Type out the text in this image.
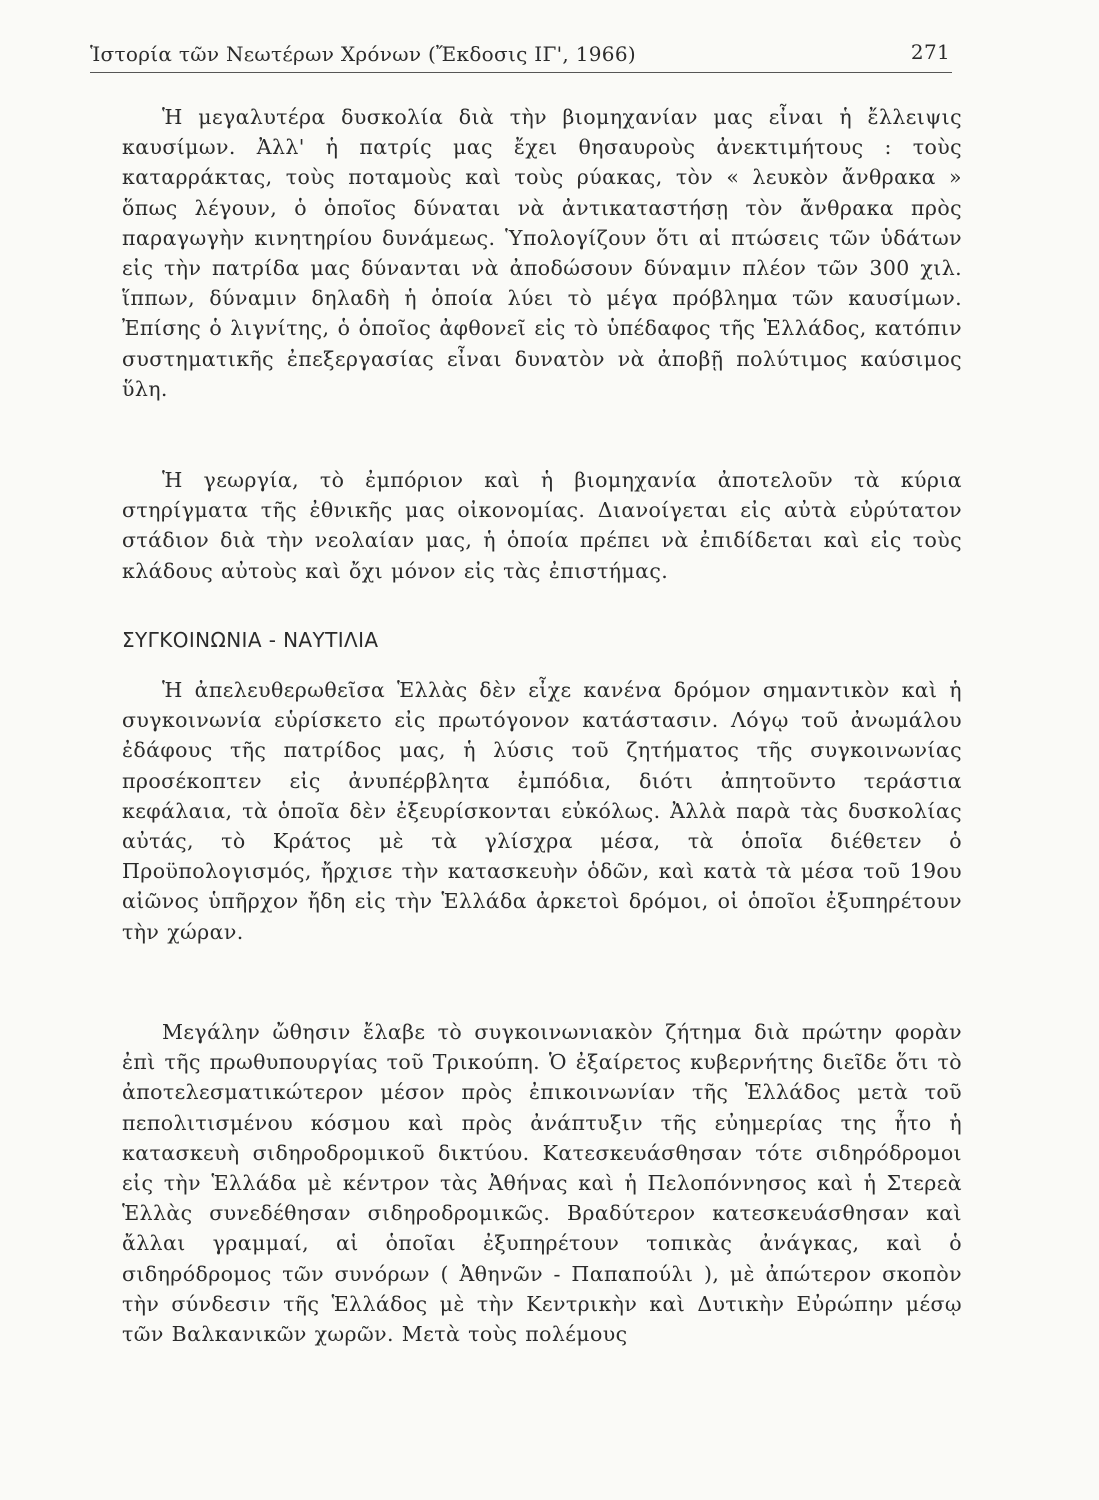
Ἱστορία τῶν Νεωτέρων Χρόνων (Ἔκδοσις ΙΓ', 1966)	271

Ἡ μεγαλυτέρα δυσκολία διὰ τὴν βιομηχανίαν μας εἶναι ἡ ἔλλειψις καυσίμων. Ἀλλ' ἡ πατρίς μας ἔχει θησαυροὺς ἀνεκτιμήτους : τοὺς καταρράκτας, τοὺς ποταμοὺς καὶ τοὺς ρύακας, τὸν « λευκὸν ἄνθρακα » ὅπως λέγουν, ὁ ὁποῖος δύναται νὰ ἀντικαταστήσῃ τὸν ἄνθρακα πρὸς παραγωγὴν κινητηρίου δυνάμεως. Ὑπολογίζουν ὅτι αἱ πτώσεις τῶν ὑδάτων εἰς τὴν πατρίδα μας δύνανται νὰ ἀποδώσουν δύναμιν πλέον τῶν 300 χιλ. ἵππων, δύναμιν δηλαδὴ ἡ ὁποία λύει τὸ μέγα πρόβλημα τῶν καυσίμων. Ἐπίσης ὁ λιγνίτης, ὁ ὁποῖος ἀφθονεῖ εἰς τὸ ὑπέδαφος τῆς Ἑλλάδος, κατόπιν συστηματικῆς ἐπεξεργασίας εἶναι δυνατὸν νὰ ἀποβῇ πολύτιμος καύσιμος ὕλη.

Ἡ γεωργία, τὸ ἐμπόριον καὶ ἡ βιομηχανία ἀποτελοῦν τὰ κύρια στηρίγματα τῆς ἐθνικῆς μας οἰκονομίας. Διανοίγεται εἰς αὐτὰ εὐρύτατον στάδιον διὰ τὴν νεολαίαν μας, ἡ ὁποία πρέπει νὰ ἐπιδίδεται καὶ εἰς τοὺς κλάδους αὐτοὺς καὶ ὄχι μόνον εἰς τὰς ἐπιστήμας.

ΣΥΓΚΟΙΝΩΝΙΑ - ΝΑΥΤΙΛΙΑ

Ἡ ἀπελευθερωθεῖσα Ἑλλὰς δὲν εἶχε κανένα δρόμον σημαντικὸν καὶ ἡ συγκοινωνία εὑρίσκετο εἰς πρωτόγονον κατάστασιν. Λόγῳ τοῦ ἀνωμάλου ἐδάφους τῆς πατρίδος μας, ἡ λύσις τοῦ ζητήματος τῆς συγκοινωνίας προσέκοπτεν εἰς ἀνυπέρβλητα ἐμπόδια, διότι ἀπητοῦντο τεράστια κεφάλαια, τὰ ὁποῖα δὲν ἐξευρίσκονται εὐκόλως. Ἀλλὰ παρὰ τὰς δυσκολίας αὐτάς, τὸ Κράτος μὲ τὰ γλίσχρα μέσα, τὰ ὁποῖα διέθετεν ὁ Προϋπολογισμός, ἤρχισε τὴν κατασκευὴν ὁδῶν, καὶ κατὰ τὰ μέσα τοῦ 19ου αἰῶνος ὑπῆρχον ἤδη εἰς τὴν Ἑλλάδα ἀρκετοὶ δρόμοι, οἱ ὁποῖοι ἐξυπηρέτουν τὴν χώραν.

Μεγάλην ὤθησιν ἔλαβε τὸ συγκοινωνιακὸν ζήτημα διὰ πρώτην φορὰν ἐπὶ τῆς πρωθυπουργίας τοῦ Τρικούπη. Ὁ ἐξαίρετος κυβερνήτης διεῖδε ὅτι τὸ ἀποτελεσματικώτερον μέσον πρὸς ἐπικοινωνίαν τῆς Ἑλλάδος μετὰ τοῦ πεπολιτισμένου κόσμου καὶ πρὸς ἀνάπτυξιν τῆς εὐημερίας της ἦτο ἡ κατασκευὴ σιδηροδρομικοῦ δικτύου. Κατεσκευάσθησαν τότε σιδηρόδρομοι εἰς τὴν Ἑλλάδα μὲ κέντρον τὰς Ἀθήνας καὶ ἡ Πελοπόννησος καὶ ἡ Στερεὰ Ἑλλὰς συνεδέθησαν σιδηροδρομικῶς. Βραδύτερον κατεσκευάσθησαν καὶ ἄλλαι γραμμαί, αἱ ὁποῖαι ἐξυπηρέτουν τοπικὰς ἀνάγκας, καὶ ὁ σιδηρόδρομος τῶν συνόρων ( Ἀθηνῶν - Παπαπούλι ), μὲ ἀπώτερον σκοπὸν τὴν σύνδεσιν τῆς Ἑλλάδος μὲ τὴν Κεντρικὴν καὶ Δυτικὴν Εὐρώπην μέσῳ τῶν Βαλκανικῶν χωρῶν. Μετὰ τοὺς πολέμους
